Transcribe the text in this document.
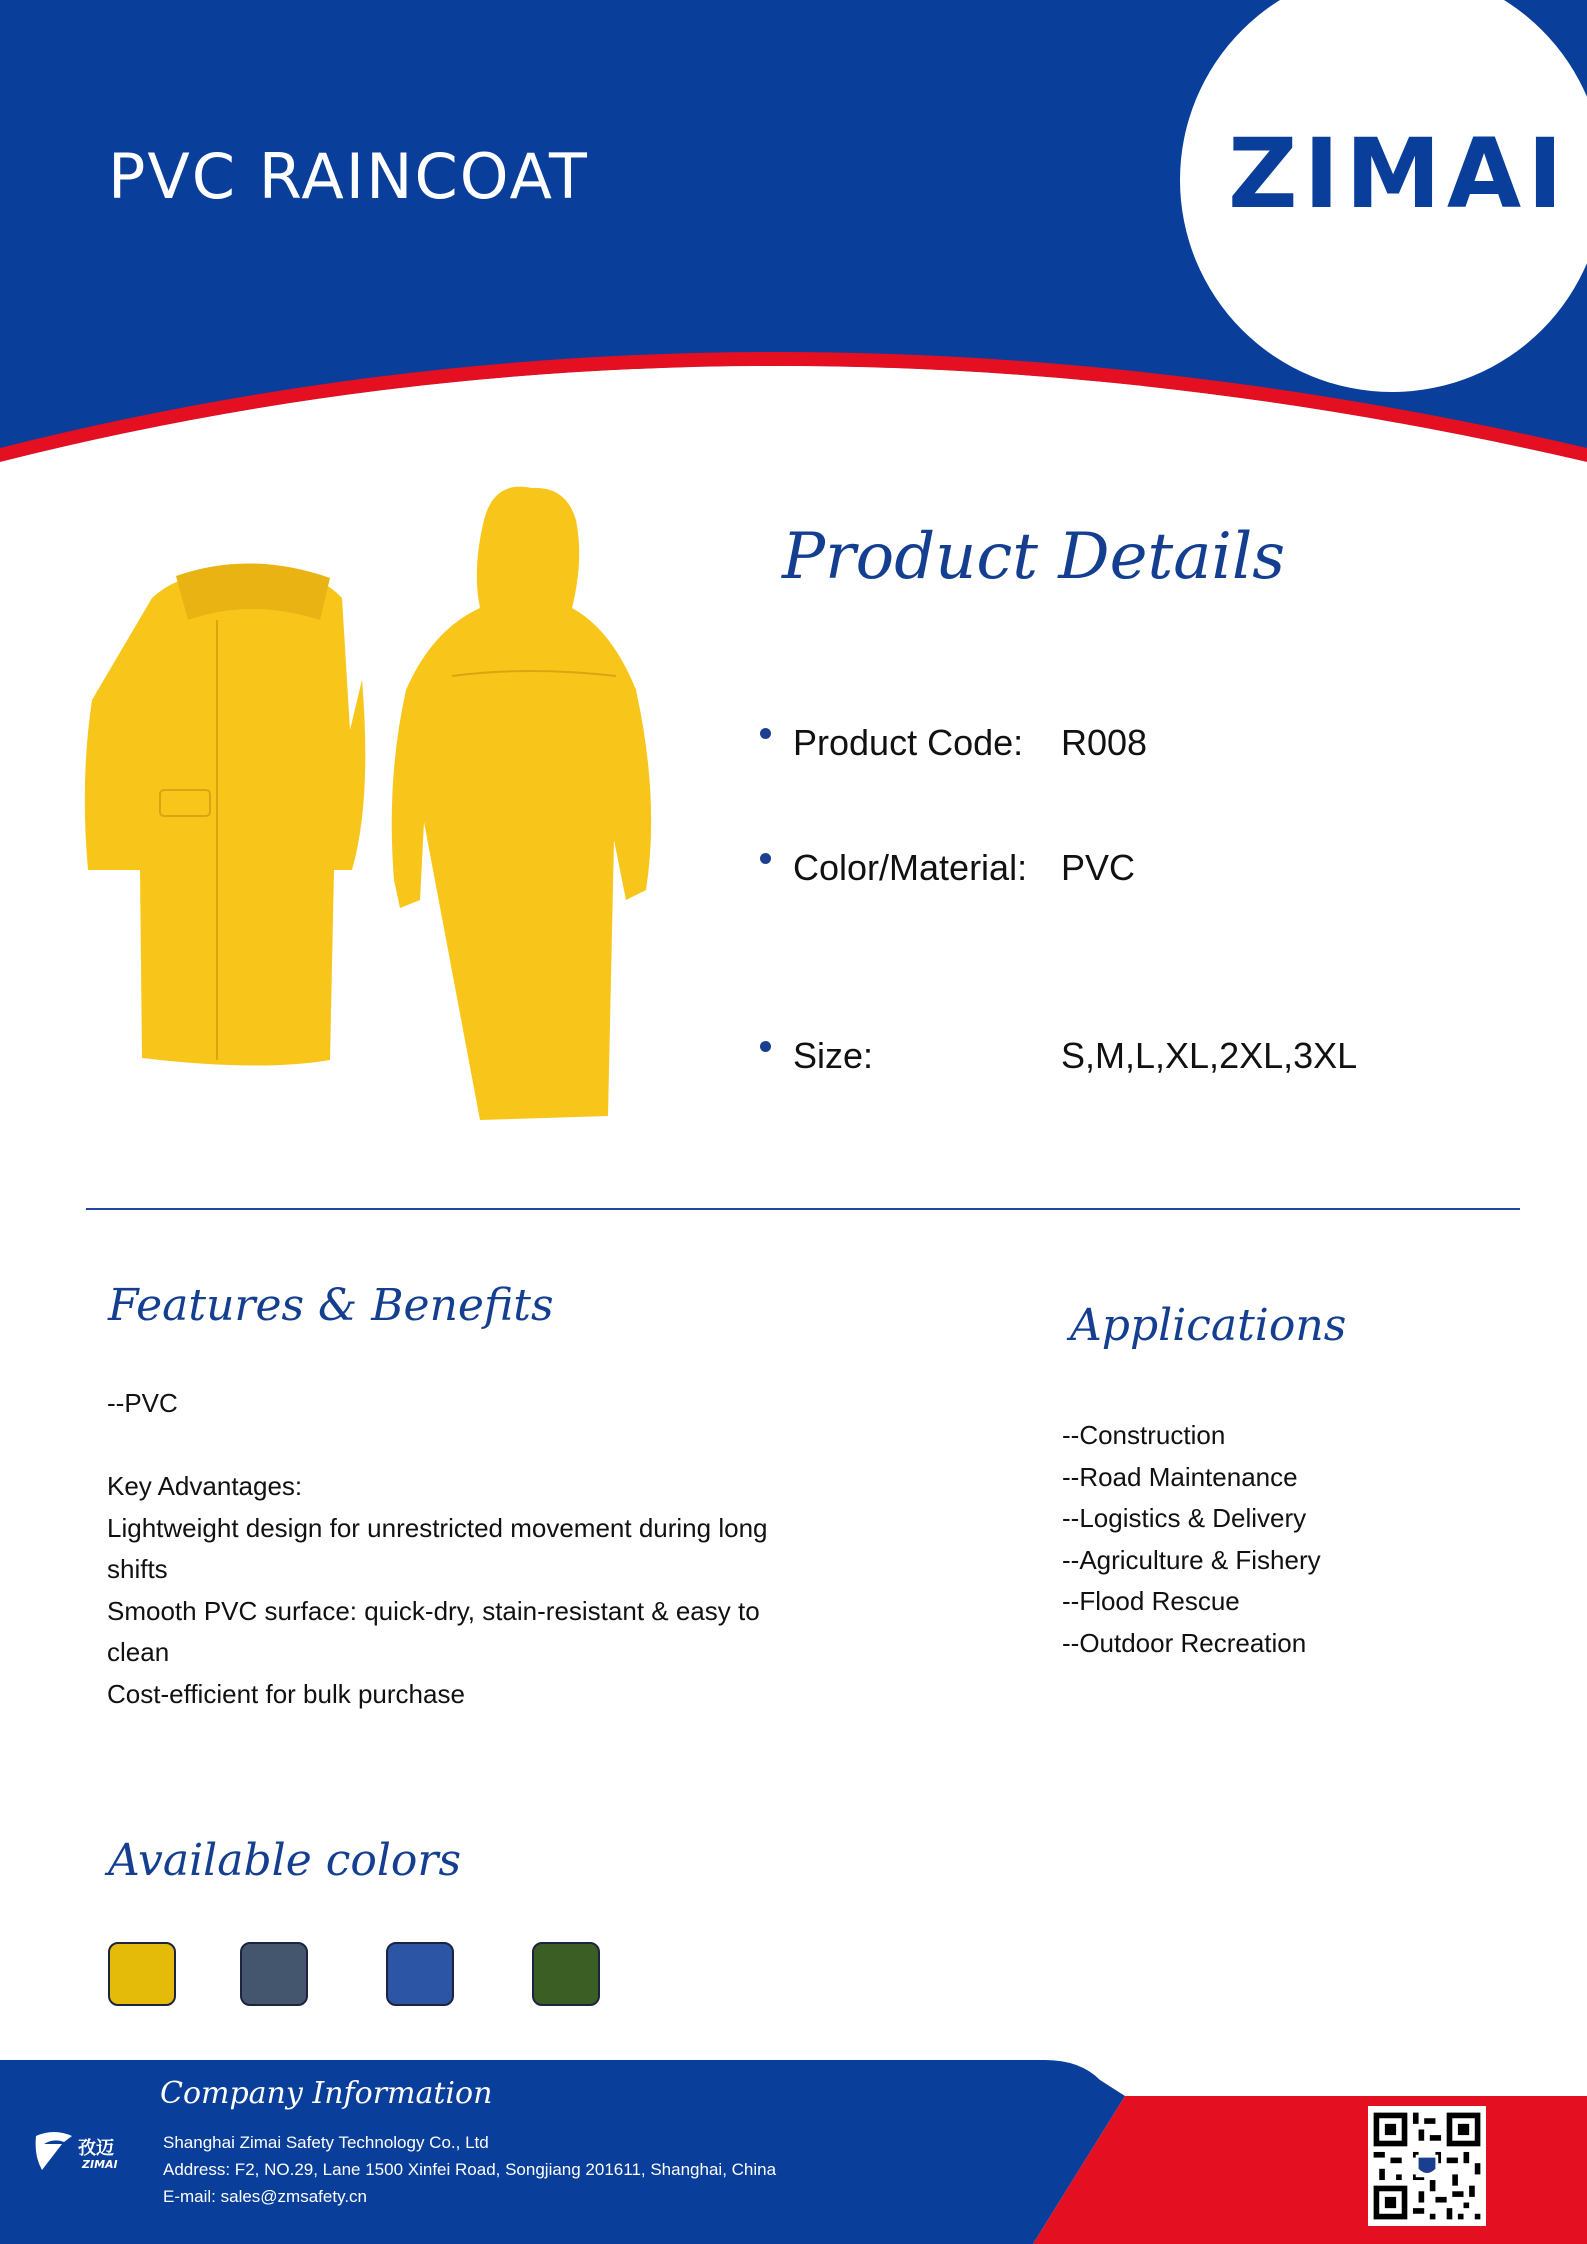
PVC RAINCOAT	ZIMAI
Product Details
Product Code:	R008
Color/Material: PVC
Size:	S,M,L,XL,2XL,3XL
Features & Benefits
--PVC

Key Advantages:
Lightweight design for unrestricted movement during long
shifts
Smooth PVC surface: quick-dry, stain-resistant & easy to
clean
Cost-efficient for bulk purchase
Applications
--Construction
--Road Maintenance
--Logistics & Delivery
--Agriculture & Fishery
--Flood Rescue
--Outdoor Recreation
Available colors
孜迈
ZIMAI
Company Information
Shanghai Zimai Safety Technology Co., Ltd
Address: F2, NO.29, Lane 1500 Xinfei Road, Songjiang 201611, Shanghai, China
E-mail: sales@zmsafety.cn
